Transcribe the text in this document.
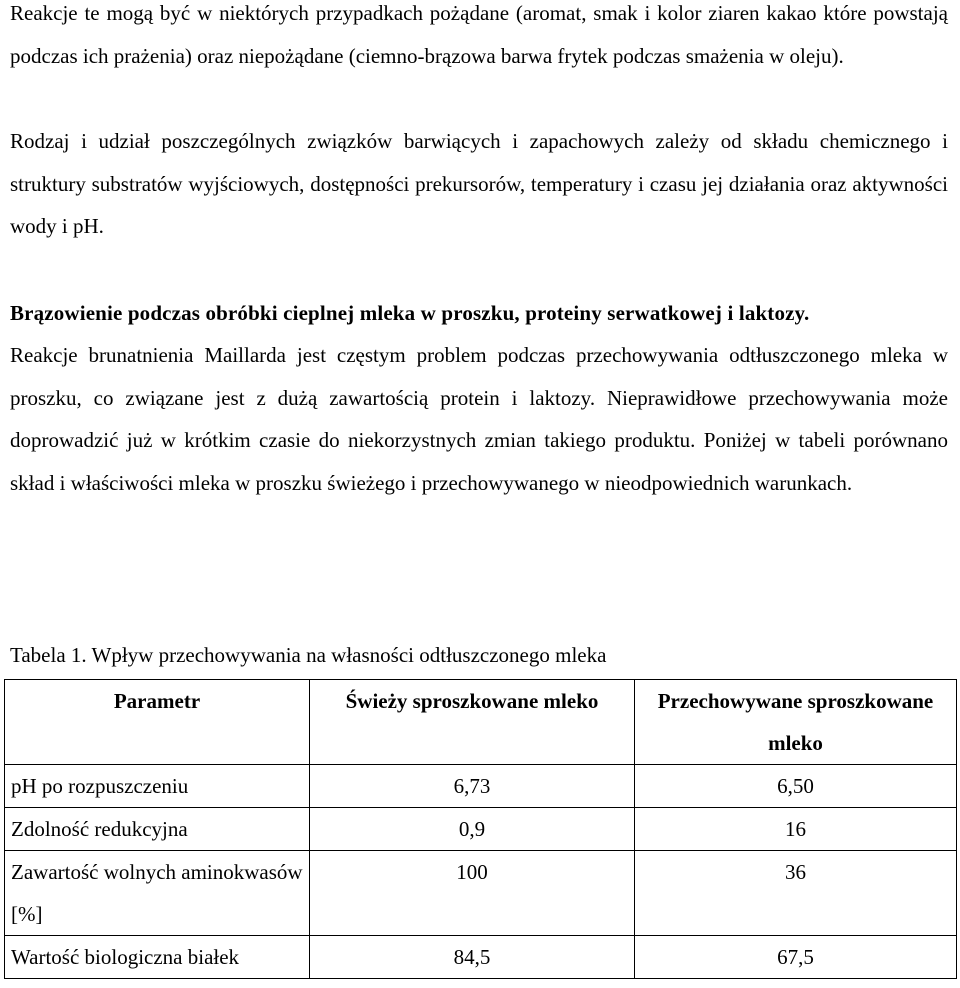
Reakcje te mogą być w niektórych przypadkach pożądane (aromat, smak i kolor ziaren kakao które powstają podczas ich prażenia) oraz niepożądane (ciemno-brązowa barwa frytek podczas smażenia w oleju).

Rodzaj i udział poszczególnych związków barwiących i zapachowych zależy od składu chemicznego i struktury substratów wyjściowych, dostępności prekursorów, temperatury i czasu jej działania oraz aktywności wody i pH.

Brązowienie podczas obróbki cieplnej mleka w proszku, proteiny serwatkowej i laktozy.

Reakcje brunatnienia Maillarda jest częstym problem podczas przechowywania odtłuszczonego mleka w proszku, co związane jest z dużą zawartością protein i laktozy. Nieprawidłowe przechowywania może doprowadzić już w krótkim czasie do niekorzystnych zmian takiego produktu. Poniżej w tabeli porównano skład i właściwości mleka w proszku świeżego i przechowywanego w nieodpowiednich warunkach.

Tabela 1. Wpływ przechowywania na własności odtłuszczonego mleka

Parametr	Świeży sproszkowane mleko	Przechowywane sproszkowane mleko
pH po rozpuszczeniu	6,73	6,50
Zdolność redukcyjna	0,9	16
Zawartość wolnych aminokwasów [%]	100	36
Wartość biologiczna białek	84,5	67,5
